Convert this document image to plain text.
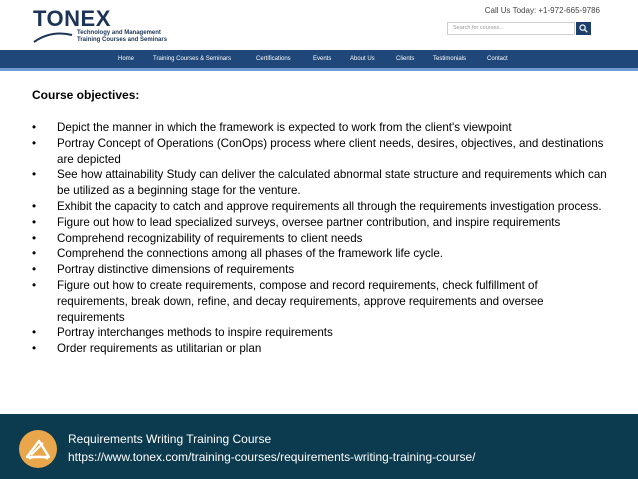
TONEX
Technology and Management
Training Courses and Seminars
Call Us Today: +1-972-665-9786
Search for courses...
Home	Training Courses & Seminars	Certifications	Events	About Us	Clients	Testimonials	Contact
Course objectives:
• Depict the manner in which the framework is expected to work from the client's viewpoint
• Portray Concept of Operations (ConOps) process where client needs, desires, objectives, and destinations are depicted
• See how attainability Study can deliver the calculated abnormal state structure and requirements which can be utilized as a beginning stage for the venture.
• Exhibit the capacity to catch and approve requirements all through the requirements investigation process.
• Figure out how to lead specialized surveys, oversee partner contribution, and inspire requirements
• Comprehend recognizability of requirements to client needs
• Comprehend the connections among all phases of the framework life cycle.
• Portray distinctive dimensions of requirements
• Figure out how to create requirements, compose and record requirements, check fulfillment of requirements, break down, refine, and decay requirements, approve requirements and oversee requirements
• Portray interchanges methods to inspire requirements
• Order requirements as utilitarian or plan
Requirements Writing Training Course
https://www.tonex.com/training-courses/requirements-writing-training-course/
